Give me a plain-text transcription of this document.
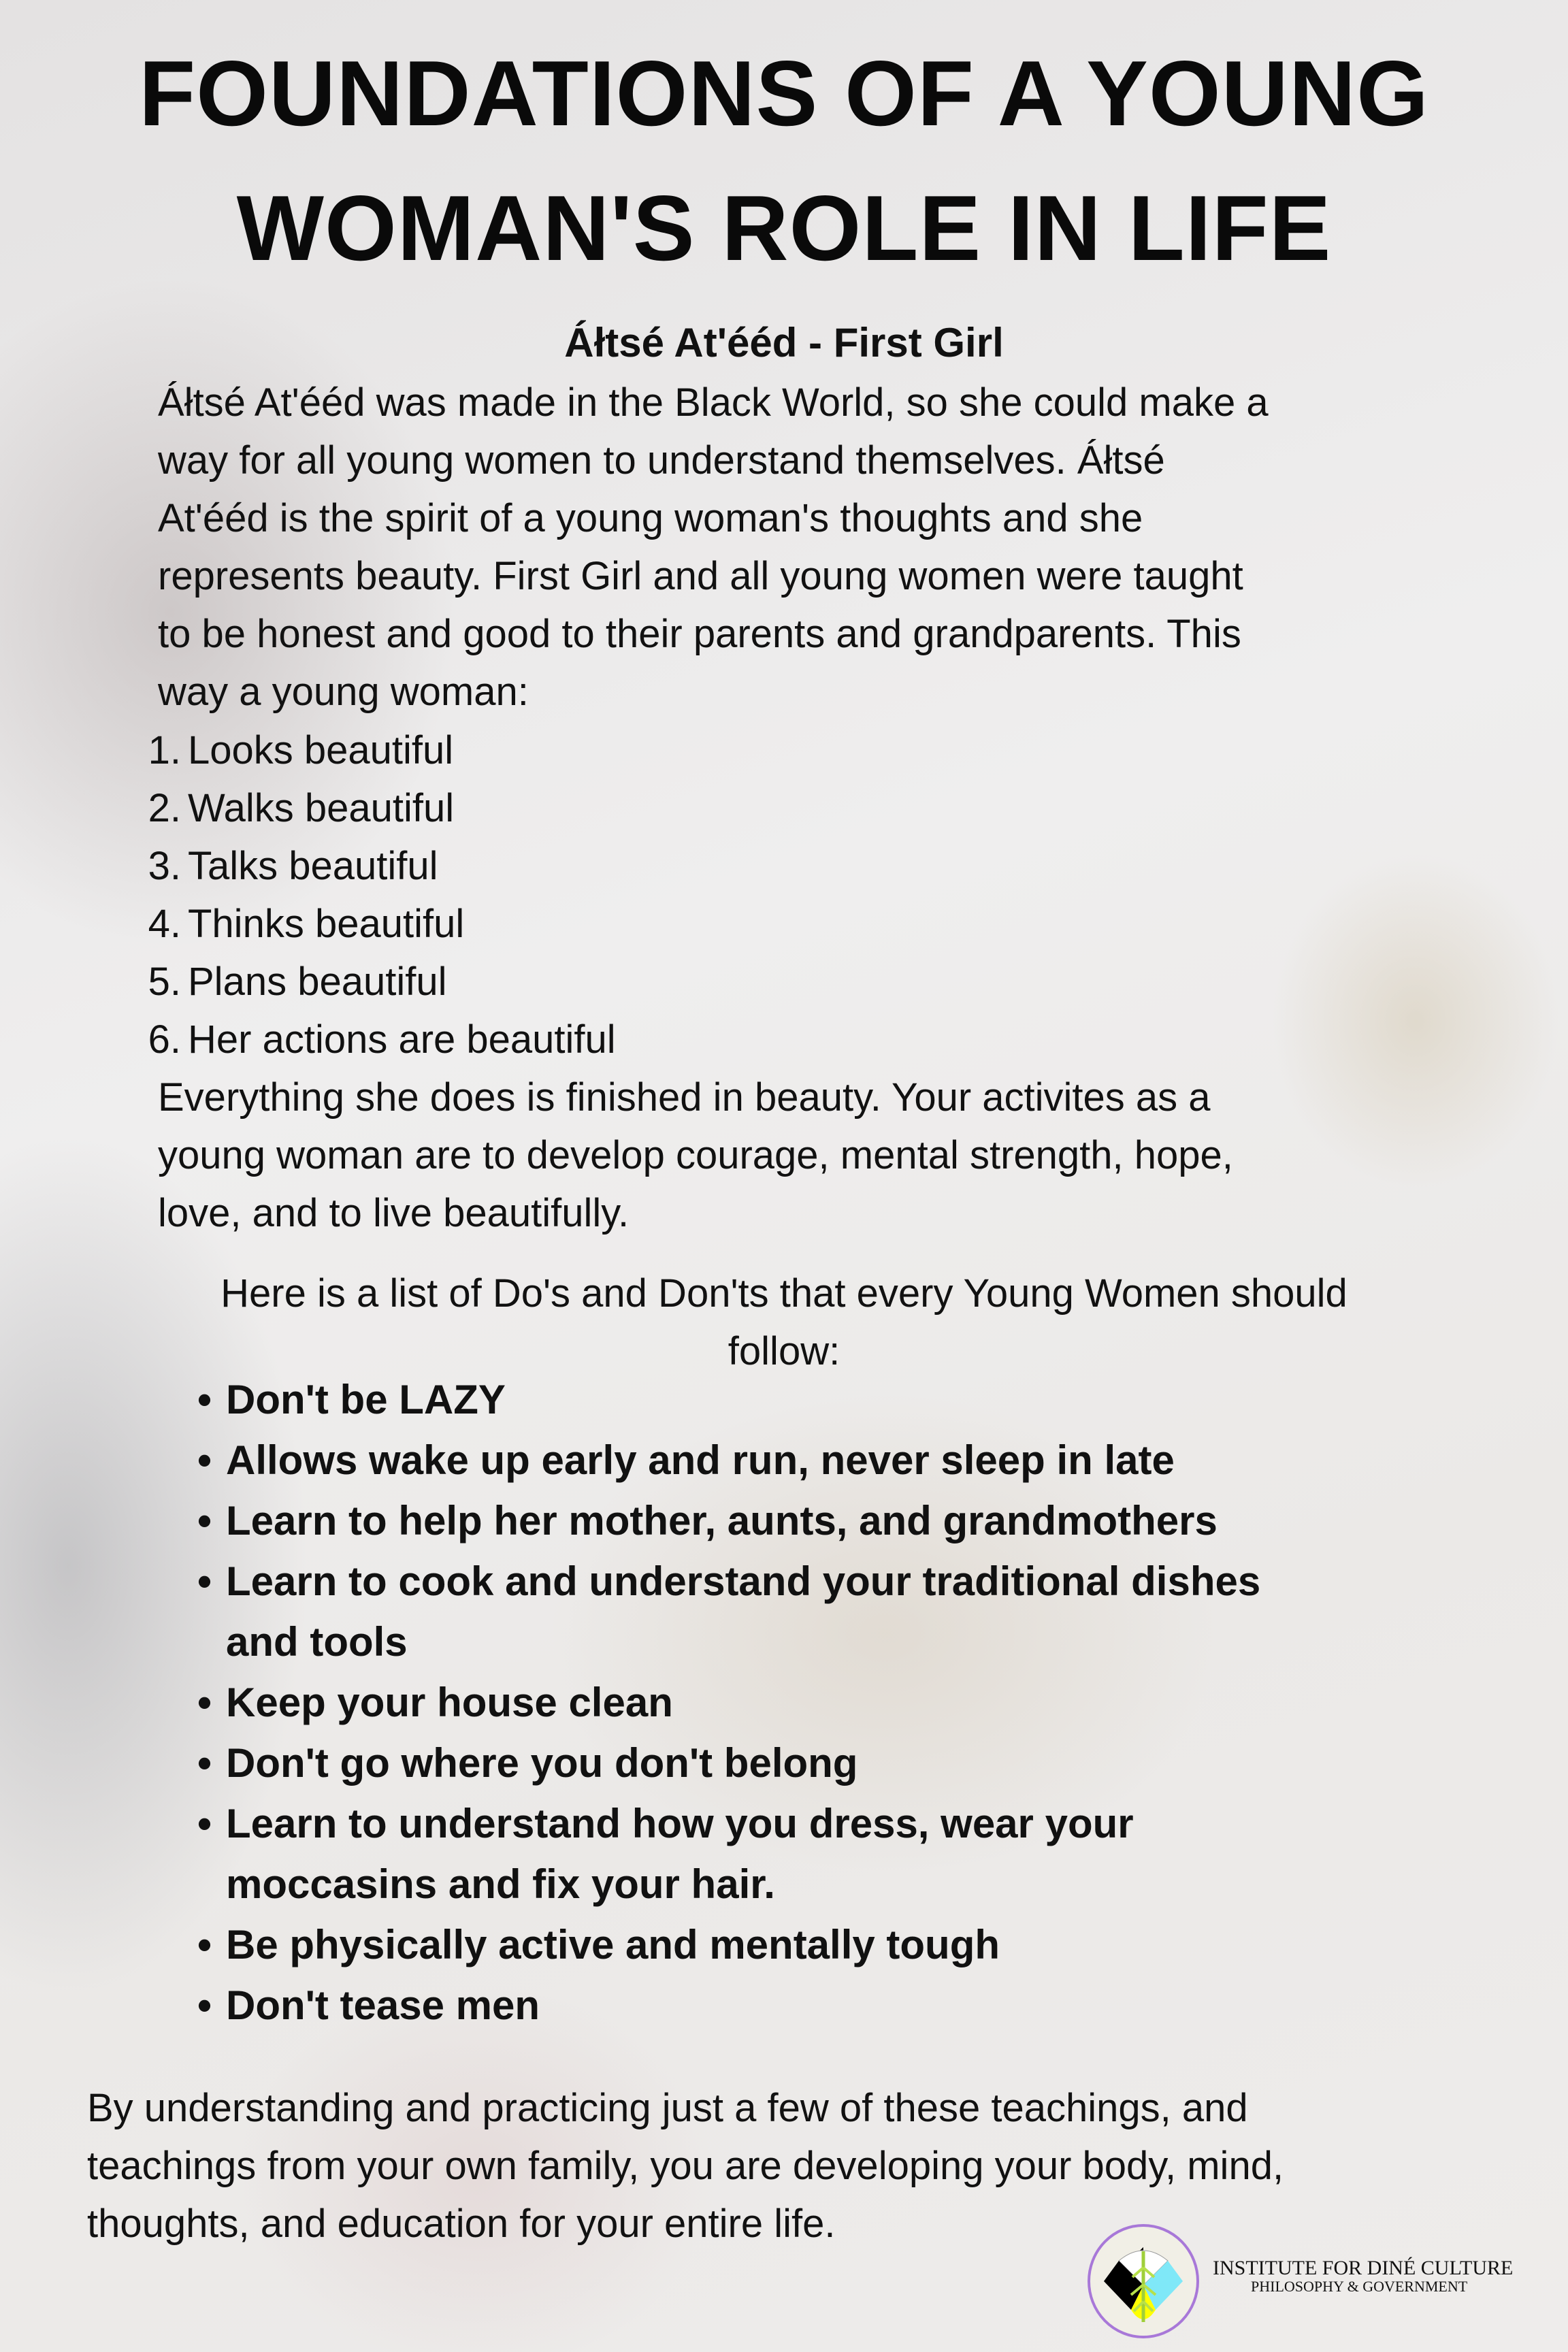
FOUNDATIONS OF A YOUNG
WOMAN'S ROLE IN LIFE
Áłtsé At'ééd - First Girl
Áłtsé At'ééd was made in the Black World, so she could make a
way for all young women to understand themselves. Áłtsé
At'ééd is the spirit of a young woman's thoughts and she
represents beauty. First Girl and all young women were taught
to be honest and good to their parents and grandparents. This
way a young woman:
1. Looks beautiful
2. Walks beautiful
3. Talks beautiful
4. Thinks beautiful
5. Plans beautiful
6. Her actions are beautiful
Everything she does is finished in beauty. Your activites as a
young woman are to develop courage, mental strength, hope,
love, and to live beautifully.
Here is a list of Do's and Don'ts that every Young Women should
follow:
• Don't be LAZY
• Allows wake up early and run, never sleep in late
• Learn to help her mother, aunts, and grandmothers
• Learn to cook and understand your traditional dishes
and tools
• Keep your house clean
• Don't go where you don't belong
• Learn to understand how you dress, wear your
moccasins and fix your hair.
• Be physically active and mentally tough
• Don't tease men
By understanding and practicing just a few of these teachings, and
teachings from your own family, you are developing your body, mind,
thoughts, and education for your entire life.
INSTITUTE FOR DINÉ CULTURE
PHILOSOPHY & GOVERNMENT
